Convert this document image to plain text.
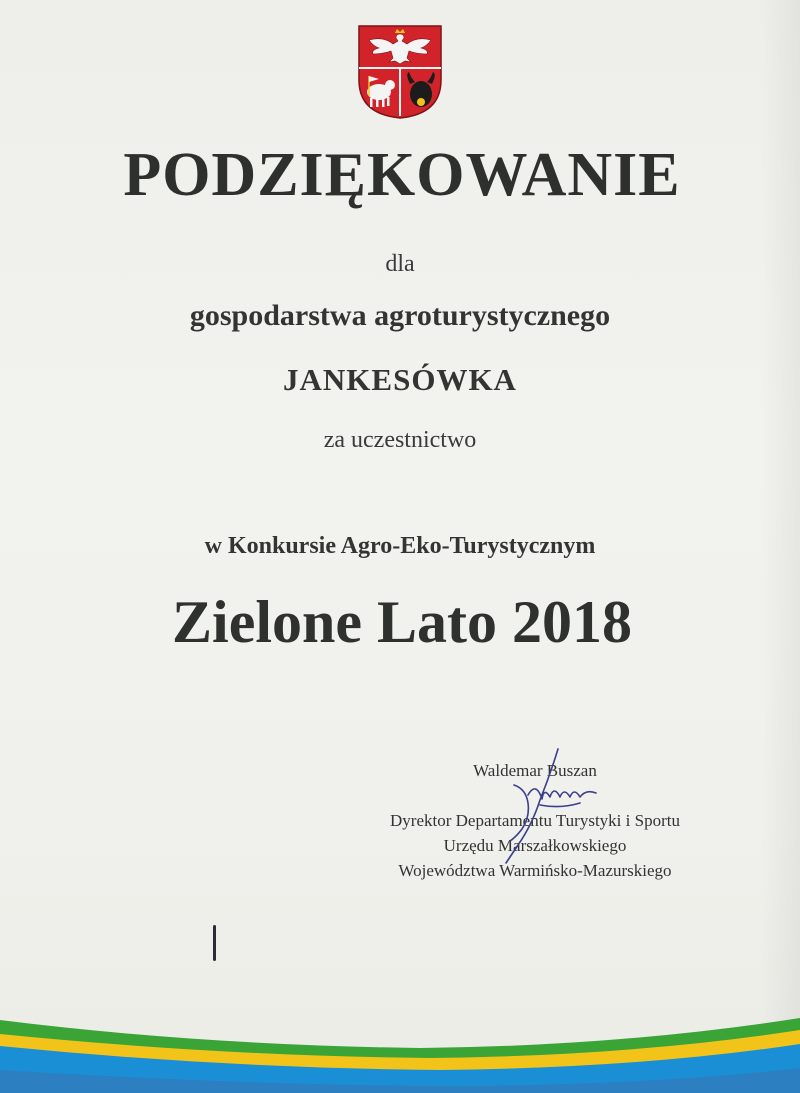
PODZIĘKOWANIE
dla
gospodarstwa agroturystycznego
JANKESÓWKA
za uczestnictwo
w Konkursie Agro-Eko-Turystycznym
Zielone Lato 2018
Waldemar Buszan
Dyrektor Departamentu Turystyki i Sportu
Urzędu Marszałkowskiego
Województwa Warmińsko-Mazurskiego
